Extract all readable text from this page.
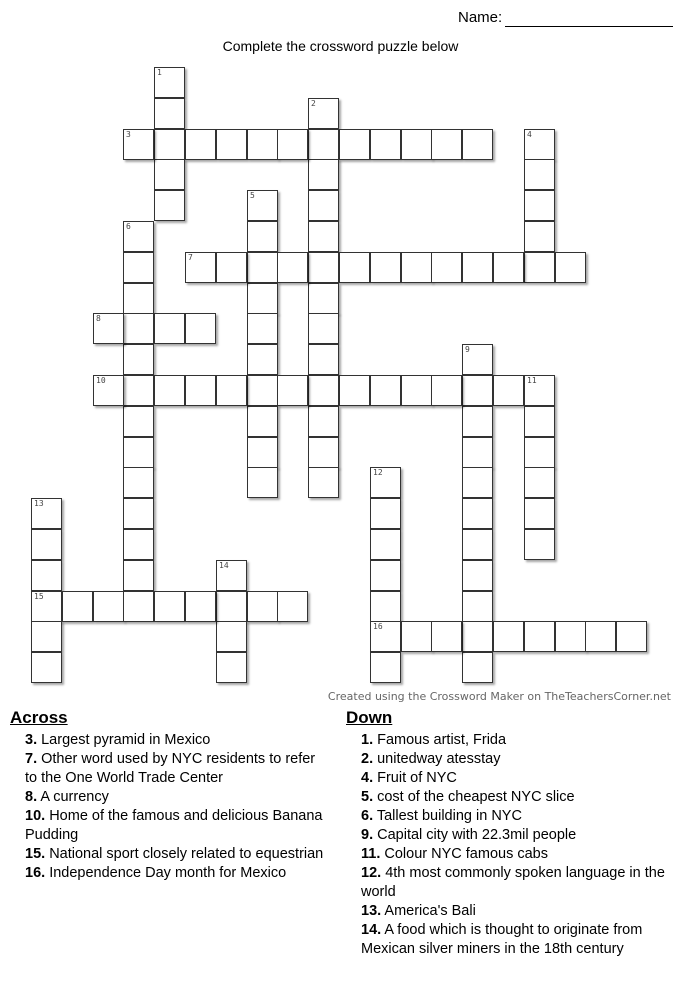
Name:
Complete the crossword puzzle below
1
2
3	4
5
6
7
8
9
10	11
12
16
13
15
14
Created using the Crossword Maker on TheTeachersCorner.net
Across
3. Largest pyramid in Mexico
7. Other word used by NYC residents to refer to the One World Trade Center
8. A currency
10. Home of the famous and delicious Banana Pudding
15. National sport closely related to equestrian
16. Independence Day month for Mexico
Down
1. Famous artist, Frida
2. unitedway atesstay
4. Fruit of NYC
5. cost of the cheapest NYC slice
6. Tallest building in NYC
9. Capital city with 22.3mil people
11. Colour NYC famous cabs
12. 4th most commonly spoken language in the world
13. America's Bali
14. A food which is thought to originate from Mexican silver miners in the 18th century
